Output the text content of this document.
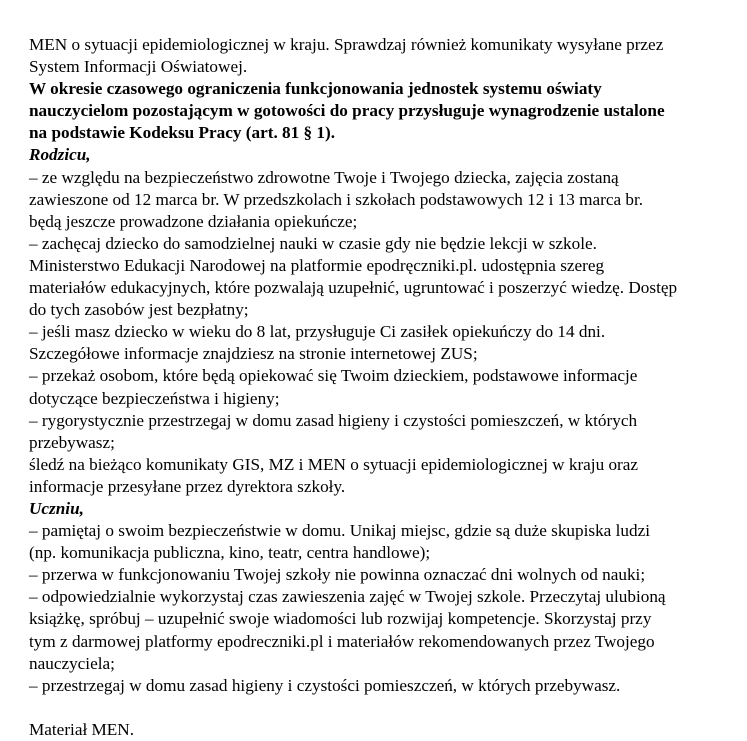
MEN o sytuacji epidemiologicznej w kraju. Sprawdzaj również komunikaty wysyłane przez
System Informacji Oświatowej.
W okresie czasowego ograniczenia funkcjonowania jednostek systemu oświaty
nauczycielom pozostającym w gotowości do pracy przysługuje wynagrodzenie ustalone
na podstawie Kodeksu Pracy (art. 81 § 1).
Rodzicu,
– ze względu na bezpieczeństwo zdrowotne Twoje i Twojego dziecka, zajęcia zostaną
zawieszone od 12 marca br. W przedszkolach i szkołach podstawowych 12 i 13 marca br.
będą jeszcze prowadzone działania opiekuńcze;
– zachęcaj dziecko do samodzielnej nauki w czasie gdy nie będzie lekcji w szkole.
Ministerstwo Edukacji Narodowej na platformie epodręczniki.pl. udostępnia szereg
materiałów edukacyjnych, które pozwalają uzupełnić, ugruntować i poszerzyć wiedzę. Dostęp
do tych zasobów jest bezpłatny;
– jeśli masz dziecko w wieku do 8 lat, przysługuje Ci zasiłek opiekuńczy do 14 dni.
Szczegółowe informacje znajdziesz na stronie internetowej ZUS;
– przekaż osobom, które będą opiekować się Twoim dzieckiem, podstawowe informacje
dotyczące bezpieczeństwa i higieny;
– rygorystycznie przestrzegaj w domu zasad higieny i czystości pomieszczeń, w których
przebywasz;
śledź na bieżąco komunikaty GIS, MZ i MEN o sytuacji epidemiologicznej w kraju oraz
informacje przesyłane przez dyrektora szkoły.
Uczniu,
– pamiętaj o swoim bezpieczeństwie w domu. Unikaj miejsc, gdzie są duże skupiska ludzi
(np. komunikacja publiczna, kino, teatr, centra handlowe);
– przerwa w funkcjonowaniu Twojej szkoły nie powinna oznaczać dni wolnych od nauki;
– odpowiedzialnie wykorzystaj czas zawieszenia zajęć w Twojej szkole. Przeczytaj ulubioną
książkę, spróbuj – uzupełnić swoje wiadomości lub rozwijaj kompetencje. Skorzystaj przy
tym z darmowej platformy epodreczniki.pl i materiałów rekomendowanych przez Twojego
nauczyciela;
– przestrzegaj w domu zasad higieny i czystości pomieszczeń, w których przebywasz.
Materiał MEN.
